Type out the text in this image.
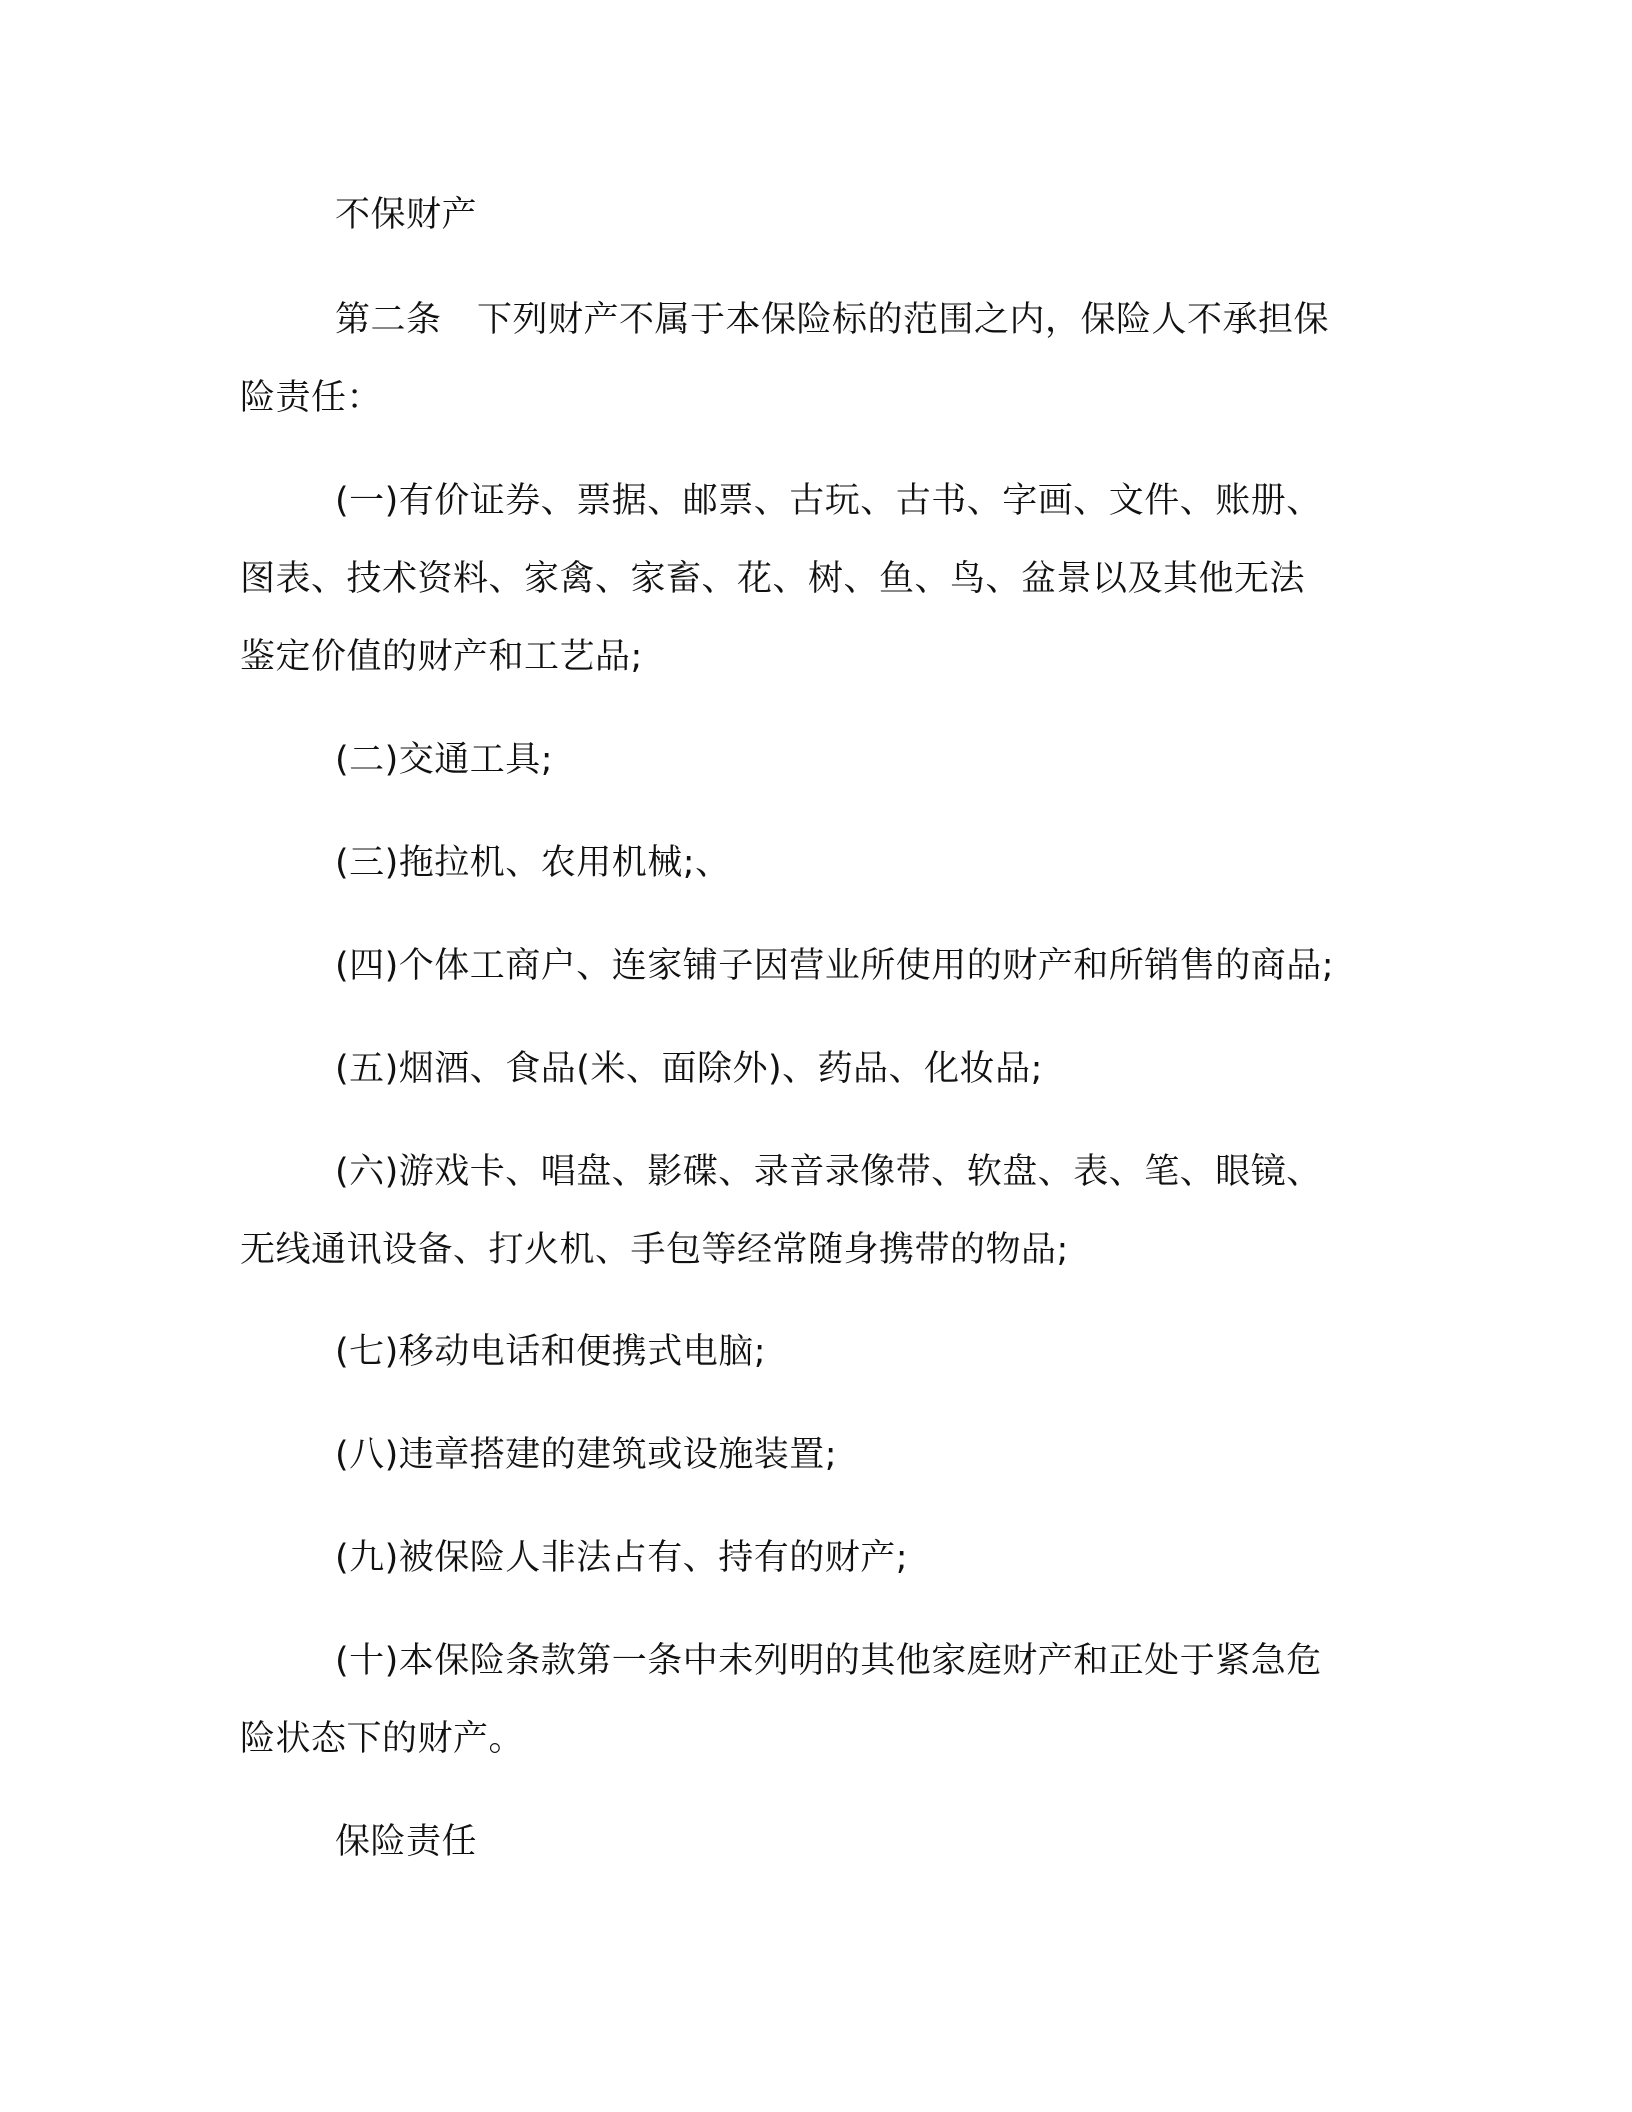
不保财产
第二条　下列财产不属于本保险标的范围之内，保险人不承担保
险责任：
(一)有价证券、票据、邮票、古玩、古书、字画、文件、账册、
图表、技术资料、家禽、家畜、花、树、鱼、鸟、盆景以及其他无法
鉴定价值的财产和工艺品;
(二)交通工具;
(三)拖拉机、农用机械;、
(四)个体工商户、连家铺子因营业所使用的财产和所销售的商品;
(五)烟酒、食品(米、面除外)、药品、化妆品;
(六)游戏卡、唱盘、影碟、录音录像带、软盘、表、笔、眼镜、
无线通讯设备、打火机、手包等经常随身携带的物品;
(七)移动电话和便携式电脑;
(八)违章搭建的建筑或设施装置;
(九)被保险人非法占有、持有的财产;
(十)本保险条款第一条中未列明的其他家庭财产和正处于紧急危
险状态下的财产。
保险责任
